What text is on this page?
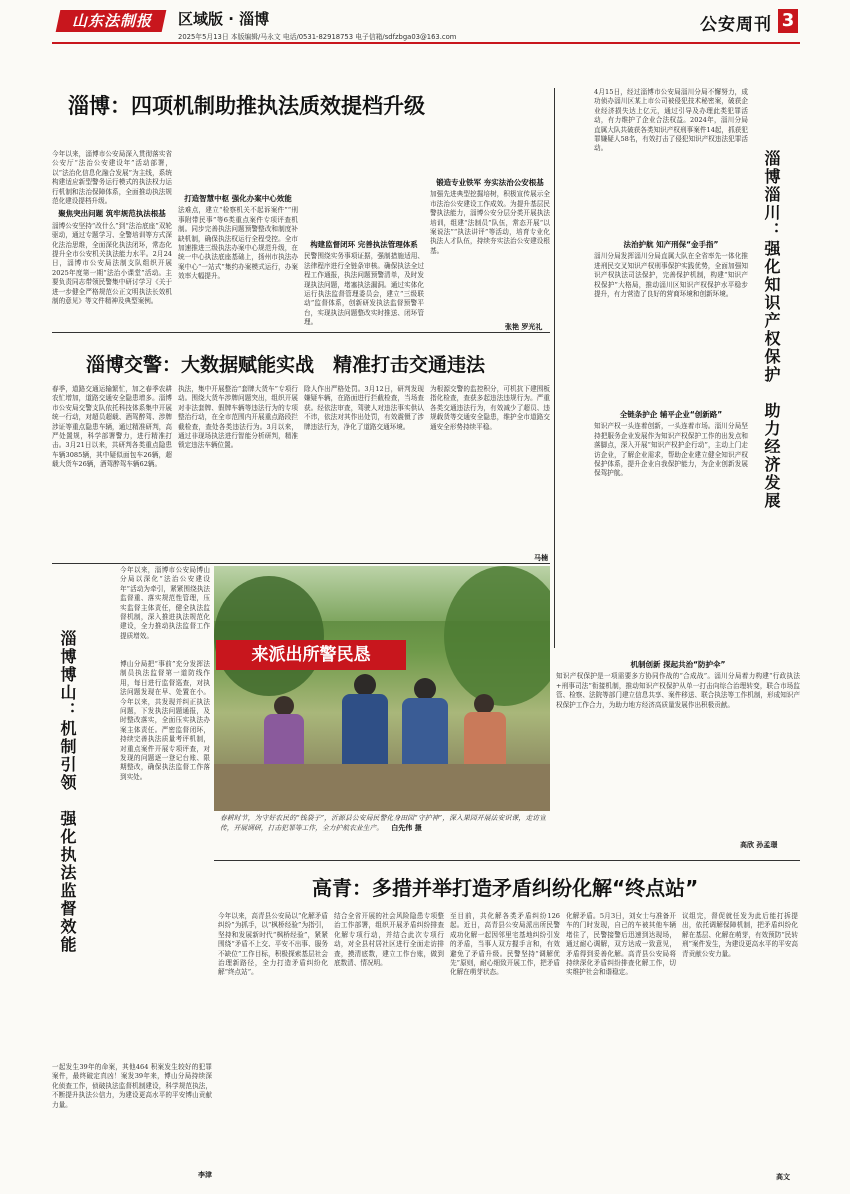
山东法制报	区域版 · 淄博
2025年5月13日 本版编辑/马永文 电话/0531-82918753 电子信箱/sdfzbga03@163.com
公安周刊 3
淄博：四项机制助推执法质效提档升级
今年以来，淄博市公安局深入贯彻落实省公安厅“法治公安建设年”活动部署，以“法治化信息化融合发展”为主线，系统构建适应新型警务运行模式的执法权力运行机制和法治保障体系，全面推动执法规范化建设提档升级。
聚焦突出问题 筑牢规范执法根基
淄博公安坚持“改什么”到“法治底座”双轮驱动，通过专题学习、全警培训等方式深化法治思维，全面深化执法闭环，常态化提升全市公安机关执法能力水平。2月24日，淄博市公安局法制支队组织开展2025年度第一期“法治小课堂”活动。主要负责同志带领民警集中研讨学习《关于进一步健全严格规范公正文明执法长效机制的意见》等文件精神及典型案例。
打造智慧中枢 强化办案中心效能
法难点，建立“检察机关不起诉案件”“刑事附带民事”等6类重点案件专项评查机制。同步完善执法问题预警整改和制度补缺机制，确保执法权运行全程受控。全市加速推进三级执法办案中心规范升级，在统一中心执法底座基础上，扬州市执法办案中心“一站式”集约办案模式运行，办案效率大幅提升。
构建监督闭环 完善执法管理体系
民警围绕实务事项证据，强制措施适用、法律程序进行全链条审核。确保执法全过程工作通报，执法问题预警清单，及时发现执法问题，堵塞执法漏洞。通过实体化运行执法监督管理委员会，建立“三级联动”监督体系，创新研发执法监督预警平台，实现执法问题整改实时推送、闭环管理。
锻造专业铁军 夯实法治公安根基
加强先进典型挖掘培树，积极宣传展示全市法治公安建设工作成效。为提升基层民警执法能力，淄博公安分层分类开展执法培训，组建“法制员”队伍，常态开展“以案说法”“执法讲评”等活动，培育专业化执法人才队伍，持续夯实法治公安建设根基。
张艳 罗光礼
淄博交警：大数据赋能实战　精准打击交通违法
春季，道路交通运输繁忙，加之春季农耕农忙增加，道路交通安全隐患增多。淄博市公安局交警支队依托科技体系集中开展统一行动，对超员超载、酒驾醉驾、涉牌涉证等重点隐患车辆，通过精准研判，高严处置规，科学部署警力，进行精准打击。3月21日以来，共研判各类重点隐患车辆3085辆，其中疑似面包车26辆，超载大货车26辆，酒驾醉驾车辆62辆。
执法，集中开展整治“套牌大货车”专项行动。围绕大货车涉牌问题突出，组织开展对非法套牌、假牌车辆等违法行为的专项整治行动，在全市范围内开展重点路段拦截检查，查处各类违法行为。3月以来，通过非现场执法进行智能分析研判，精准锁定违法车辆位置。
除人作出严格处罚。3月12日，研判发现嫌疑车辆，在路面进行拦截检查，当场查获。经依法审查，驾驶人对违法事实供认不讳，依法对其作出处罚，有效震慑了涉牌违法行为，净化了道路交通环境。
为根源交警的监控积分，可机抗下建围板指化检查，查获多起违法违规行为。严重各类交通违法行为，有效减少了超员、违规载货等交通安全隐患，维护全市道路交通安全形势持续平稳。
马楠
淄博博山：机制引领　强化执法监督效能
今年以来，淄博市公安局博山分局以深化“法治公安建设年”活动为牵引，紧紧围绕执法监督重、落实规范性管理，压实监督主体责任，健全执法监督机制，深入推进执法规范化建设，全力推动执法监督工作提质增效。
博山分局把“事前”充分发挥法制员执法监督第一道防线作用，每日进行监督巡查，对执法问题发现在早、处置在小。今年以来，共发现并纠正执法问题，下发执法问题通报，及时整改落实，全面压实执法办案主体责任。严密监督闭环，持续完善执法质量考评机制，对重点案件开展专项评查，对发现的问题逐一登记台账、限期整改，确保执法监督工作落到实处。
一起发生39年的命案，其他464 积案发生较好的犯罪案件，最终破定真凶！案发39年来，博山分局持续深化侦查工作，侦破执法监督机制建设，科学规范执法，不断提升执法公信力，为建设更高水平的平安博山贡献力量。
李津
来派出所警民恳
春耕时节，为守好农民的“钱袋子”，沂源县公安局民警化身田园“守护神”，深入果园开展法安识课，走访宣传，开展调研，打击犯罪等工作，全力护航农业生产。 白先伟 摄
淄博淄川：强化知识产权保护　助力经济发展
4月15日，经过淄博市公安局淄川分局不懈努力，成功侦办淄川区某上市公司被侵犯技术秘密案，破获企业经济损失达上亿元，通过引导及办理此类犯罪活动，有力维护了企业合法权益。2024年，淄川分局直属大队共破获各类知识产权刑事案件14起，抓获犯罪嫌疑人58名，有效打击了侵犯知识产权违法犯罪活动。
法治护航 知产刑保“金手指”
淄川分局发挥淄川分局直属大队在全省率先一体化推进刑民交叉知识产权刑事保护实践优势，全面加强知识产权执法司法保护，完善保护机制，构建“知识产权保护”大格局，推动淄川区知识产权保护水平稳步提升，有力营造了良好的营商环境和创新环境。
全链条护企 辅平企业“创新路”
知识产权一头连着创新，一头连着市场。淄川分局坚持把服务企业发展作为知识产权保护工作的出发点和落脚点，深入开展“知识产权护企行动”，主动上门走访企业，了解企业需求，帮助企业建立健全知识产权保护体系，提升企业自我保护能力，为企业创新发展保驾护航。
机制创新 探起共治“防护伞”
知识产权保护是一项需要多方协同作战的“合成战”。淄川分局着力构建“行政执法+刑事司法”衔接机制，推动知识产权保护从单一打击向综合治理转变，联合市场监管、检察、法院等部门建立信息共享、案件移送、联合执法等工作机制，形成知识产权保护工作合力，为助力地方经济高质量发展作出积极贡献。
高欣 孙孟璟
高青：多措并举打造矛盾纠纷化解“终点站”
今年以来，高青县公安局以“化解矛盾纠纷”为抓手，以“枫桥经验”为指引，坚持和发展新时代“枫桥经验”，紧紧围绕“矛盾不上交、平安不出事、服务不缺位”工作目标，积极探索基层社会治理新路径，全力打造矛盾纠纷化解“终点站”。
结合全省开展的社会风险隐患专项整治工作部署，组织开展矛盾纠纷排查化解专项行动，并结合此次专项行动，对全县村居社区进行全面走访排查，摸清底数，建立工作台账，做到底数清、情况明。
至目前，共化解各类矛盾纠纷126起。近日，高青县公安局派出所民警成功化解一起因邻里宅基地纠纷引发的矛盾，当事人双方握手言和，有效避免了矛盾升级。民警坚持“调解优先”原则，耐心细致开展工作，把矛盾化解在萌芽状态。
化解矛盾。5月3日，刘女士与准备开车的门时发现，自己的车被其他车辆堵住了，民警接警后迅速到达现场，通过耐心调解，双方达成一致意见，矛盾得到妥善化解。高青县公安局将持续深化矛盾纠纷排查化解工作，切实维护社会和谐稳定。
议组完，督促就任发为此后能打拆提出，依托调解保障机制，把矛盾纠纷化解在基层、化解在萌芽，有效预防“民转刑”案件发生，为建设更高水平的平安高青贡献公安力量。
高文
